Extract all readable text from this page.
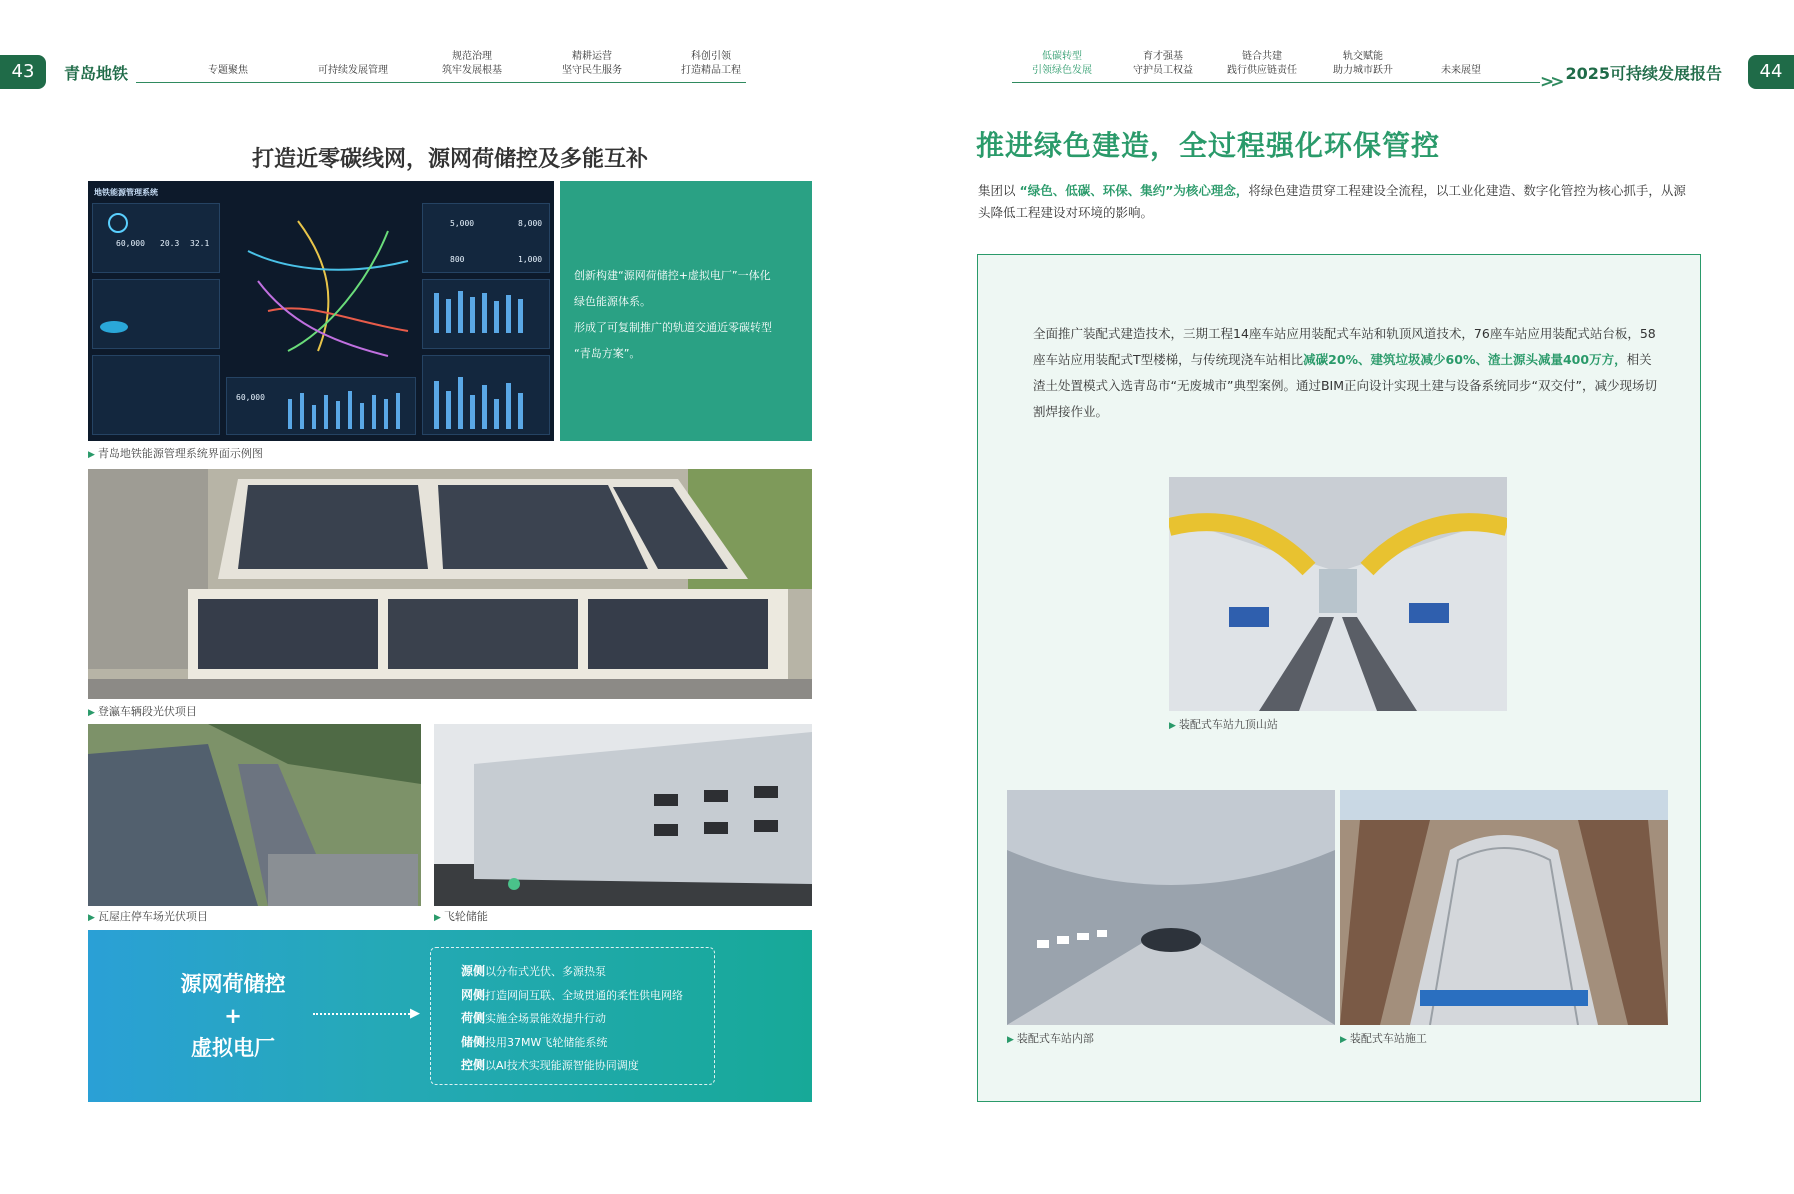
43	青岛地铁	>> 2025可持续发展报告	44
专题聚焦	可持续发展管理
规范治理
筑牢发展根基
精耕运营
坚守民生服务
科创引领
打造精品工程
低碳转型
引领绿色发展
育才强基
守护员工权益
链合共建
践行供应链责任
轨交赋能
助力城市跃升	未来展望
打造近零碳线网，源网荷储控及多能互补
地铁能源管理系统
60,000 20.3 32.1
5,000	8,000
800	1,000
60,000

创新构建“源网荷储控+虚拟电厂”一体化

绿色能源体系。

形成了可复制推广的轨道交通近零碳转型

“青岛方案”。

▶ 青岛地铁能源管理系统界面示例图
▶ 登瀛车辆段光伏项目
▶ 瓦屋庄停车场光伏项目	▶ 飞轮储能
源网荷储控
+
虚拟电厂
▶
源侧以分布式光伏、多源热泵
网侧打造网间互联、全域贯通的柔性供电网络
荷侧实施全场景能效提升行动
储侧投用37MW飞轮储能系统
控侧以AI技术实现能源智能协同调度
推进绿色建造，全过程强化环保管控
集团以 “绿色、低碳、环保、集约”为核心理念，将绿色建造贯穿工程建设全流程，以工业化建造、数字化管控为核心抓手，从源头降低工程建设对环境的影响。
全面推广装配式建造技术，三期工程14座车站应用装配式车站和轨顶风道技术，76座车站应用装配式站台板，58座车站应用装配式T型楼梯，与传统现浇车站相比减碳20%、建筑垃圾减少60%、渣土源头减量400万方，相关渣土处置模式入选青岛市“无废城市”典型案例。通过BIM正向设计实现土建与设备系统同步“双交付”，减少现场切割焊接作业。
▶ 装配式车站九顶山站
▶ 装配式车站内部	▶ 装配式车站施工
